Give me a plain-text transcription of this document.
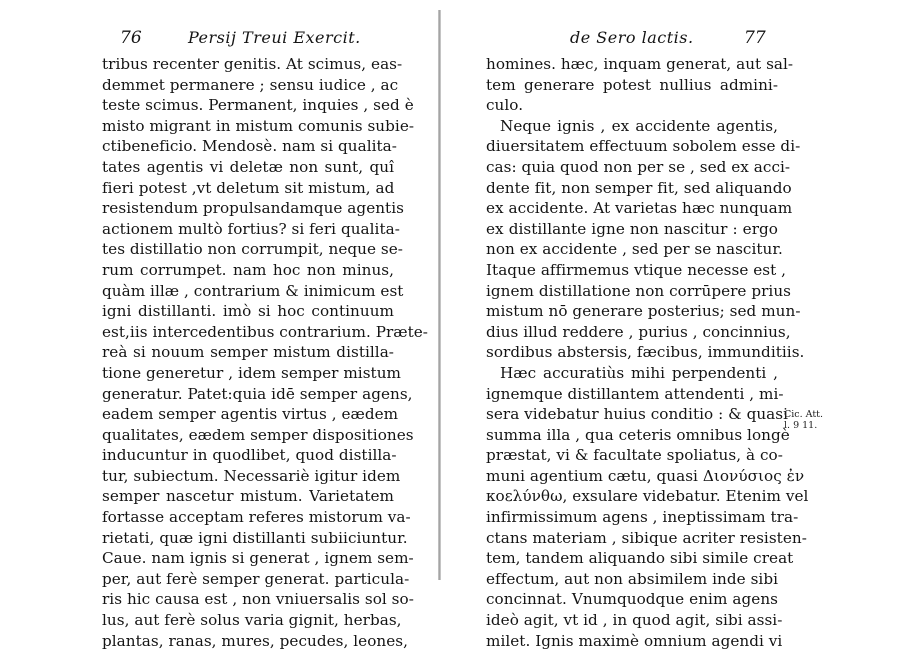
76	Persij Treui Exercit.
tribus recenter genitis. At scimus, eas-
demmet permanere ; sensu iudice , ac
teste scimus. Permanent, inquies , sed è
misto migrant in mistum comunis subie-
ctibeneficio. Mendosè. nam si qualita-
tates agentis vi deletæ non sunt, quî
fieri potest ,vt deletum sit mistum, ad
resistendum propulsandamque agentis
actionem multò fortius? si feri qualita-
tes distillatio non corrumpit, neque se-
rum corrumpet. nam hoc non minus,
quàm illæ , contrarium & inimicum est
igni distillanti. imò si hoc continuum
est,iis intercedentibus contrarium. Præte-
reà si nouum semper mistum distilla-
tione generetur , idem semper mistum
generatur. Patet:quia idē semper agens,
eadem semper agentis virtus , eædem
qualitates, eædem semper dispositiones
inducuntur in quodlibet, quod distilla-
tur, subiectum. Necessariè igitur idem
semper nascetur mistum. Varietatem
fortasse acceptam referes mistorum va-
rietati, quæ igni distillanti subiiciuntur.
Caue. nam ignis si generat , ignem sem-
per, aut ferè semper generat. particula-
ris hic causa est , non vniuersalis sol so-
lus, aut ferè solus varia gignit, herbas,
plantas, ranas, mures, pecudes, leones,
de Sero lactis.	77
homines. hæc, inquam generat, aut sal-
tem generare potest nullius admini-
culo.
Neque ignis , ex accidente agentis,
diuersitatem effectuum sobolem esse di-
cas: quia quod non per se , sed ex acci-
dente fit, non semper fit, sed aliquando
ex accidente. At varietas hæc nunquam
ex distillante igne non nascitur : ergo
non ex accidente , sed per se nascitur.
Itaque affirmemus vtique necesse est ,
ignem distillatione non corrūpere prius
mistum nō generare posterius; sed mun-
dius illud reddere , purius , concinnius,
sordibus abstersis, fæcibus, immunditiis.
Hæc accuratiùs mihi perpendenti ,
ignemque distillantem attendenti , mi-
sera videbatur huius conditio : & quasi
summa illa , qua ceteris omnibus longè
præstat, vi & facultate spoliatus, à co-
muni agentium cætu, quasi Διονύσιος ἐν
κοελύνθω, exsulare videbatur. Etenim vel
infirmissimum agens , ineptissimam tra-
ctans materiam , sibique acriter resisten-
tem, tandem aliquando sibi simile creat
effectum, aut non absimilem inde sibi
concinnat. Vnumquodque enim agens
ideò agit, vt id , in quod agit, sibi assi-
milet. Ignis maximè omnium agendi vi
Cic. Att.
l. 9 11.
